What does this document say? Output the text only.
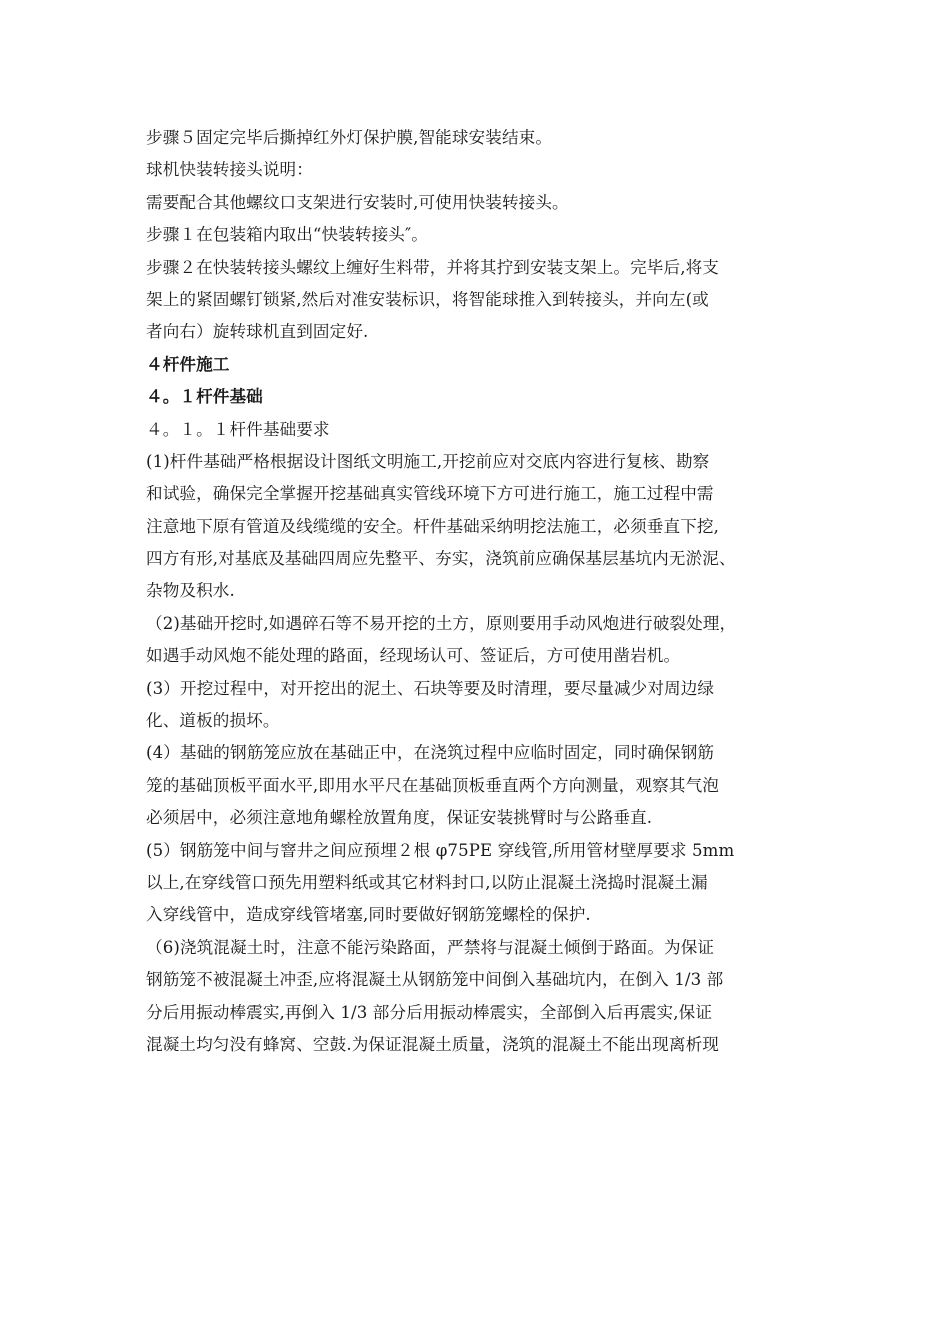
步骤５固定完毕后撕掉红外灯保护膜,智能球安装结束。
球机快装转接头说明：
需要配合其他螺纹口支架进行安装时,可使用快装转接头。
步骤１在包装箱内取出“快装转接头″。
步骤２在快装转接头螺纹上缠好生料带，并将其拧到安装支架上。完毕后,将支
架上的紧固螺钉锁紧,然后对准安装标识，将智能球推入到转接头，并向左(或
者向右）旋转球机直到固定好.
４杆件施工
４。１杆件基础
４。１。１杆件基础要求
(1)杆件基础严格根据设计图纸文明施工,开挖前应对交底内容进行复核、勘察
和试验，确保完全掌握开挖基础真实管线环境下方可进行施工，施工过程中需
注意地下原有管道及线缆缆的安全。杆件基础采纳明挖法施工，必须垂直下挖,
四方有形,对基底及基础四周应先整平、夯实，浇筑前应确保基层基坑内无淤泥、
杂物及积水.
（2)基础开挖时,如遇碎石等不易开挖的土方，原则要用手动风炮进行破裂处理，
如遇手动风炮不能处理的路面，经现场认可、签证后，方可使用凿岩机。
(3）开挖过程中，对开挖出的泥土、石块等要及时清理，要尽量减少对周边绿
化、道板的损坏。
(4）基础的钢筋笼应放在基础正中，在浇筑过程中应临时固定，同时确保钢筋
笼的基础顶板平面水平,即用水平尺在基础顶板垂直两个方向测量，观察其气泡
必须居中，必须注意地角螺栓放置角度，保证安装挑臂时与公路垂直.
(5）钢筋笼中间与窨井之间应预埋２根 φ75PE 穿线管,所用管材壁厚要求 5mm
以上,在穿线管口预先用塑料纸或其它材料封口,以防止混凝土浇捣时混凝土漏
入穿线管中，造成穿线管堵塞,同时要做好钢筋笼螺栓的保护.
（6)浇筑混凝土时，注意不能污染路面，严禁将与混凝土倾倒于路面。为保证
钢筋笼不被混凝土冲歪,应将混凝土从钢筋笼中间倒入基础坑内，在倒入 1/3 部
分后用振动棒震实,再倒入 1/3 部分后用振动棒震实，全部倒入后再震实,保证
混凝土均匀没有蜂窝、空鼓.为保证混凝土质量，浇筑的混凝土不能出现离析现
